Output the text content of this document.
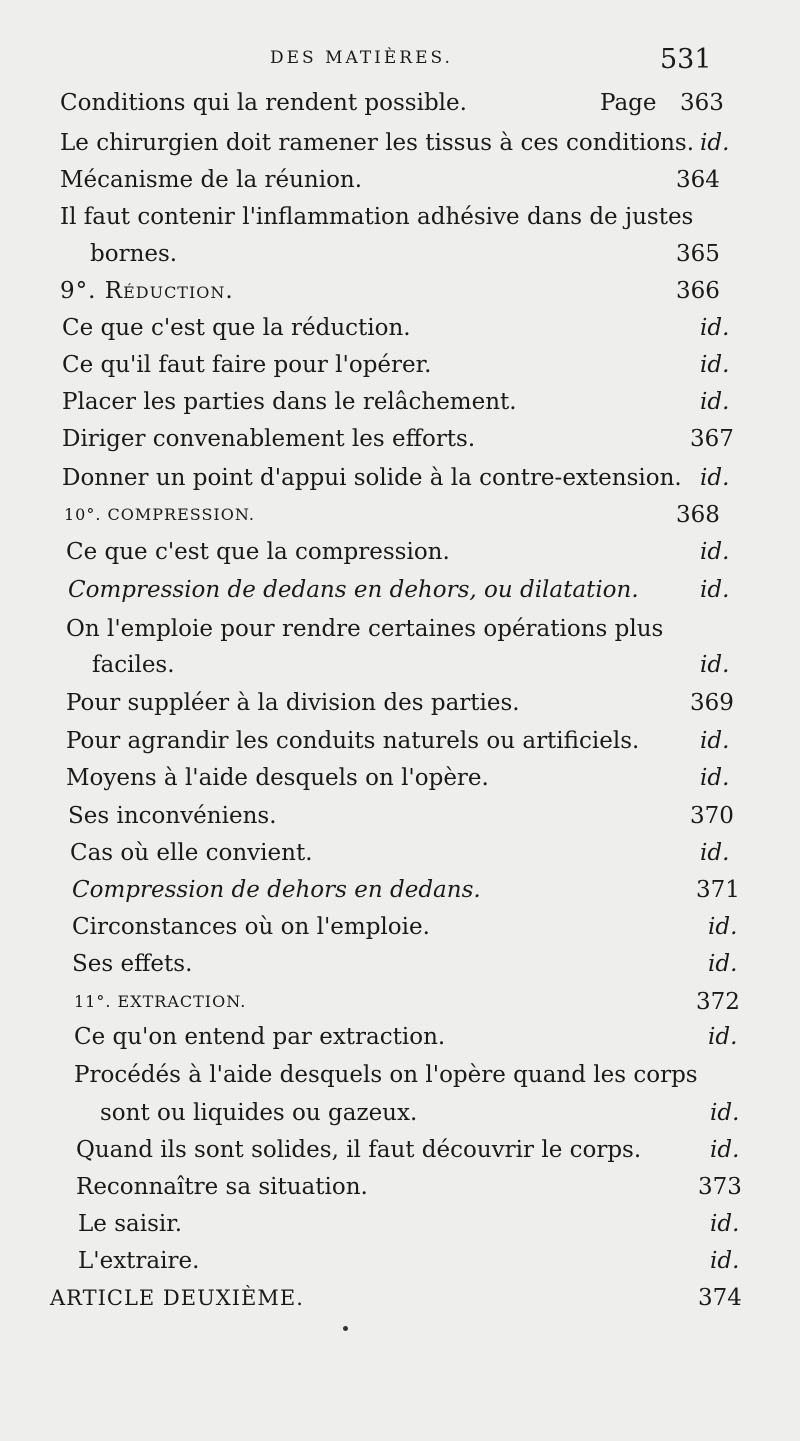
DES MATIÈRES.	531
Conditions qui la rendent possible.	Page 363
Le chirurgien doit ramener les tissus à ces conditions. id.
Mécanisme de la réunion.	364
Il faut contenir l'inflammation adhésive dans de justes
bornes.	365
9°. Réduction.	366
Ce que c'est que la réduction.	id.
Ce qu'il faut faire pour l'opérer.	id.
Placer les parties dans le relâchement.	id.
Diriger convenablement les efforts.	367
Donner un point d'appui solide à la contre-extension. id.
10°. COMPRESSION.	368
Ce que c'est que la compression.	id.
Compression de dedans en dehors, ou dilatation.	id.
On l'emploie pour rendre certaines opérations plus
faciles.	id.
Pour suppléer à la division des parties.	369
Pour agrandir les conduits naturels ou artificiels.	id.
Moyens à l'aide desquels on l'opère.	id.
Ses inconvéniens.	370
Cas où elle convient.	id.
Compression de dehors en dedans.	371
Circonstances où on l'emploie.	id.
Ses effets.	id.
11°. EXTRACTION.	372
Ce qu'on entend par extraction.	id.
Procédés à l'aide desquels on l'opère quand les corps
sont ou liquides ou gazeux.	id.
Quand ils sont solides, il faut découvrir le corps.	id.
Reconnaître sa situation.	373
Le saisir.	id.
L'extraire.	id.
ARTICLE DEUXIÈME.	374
